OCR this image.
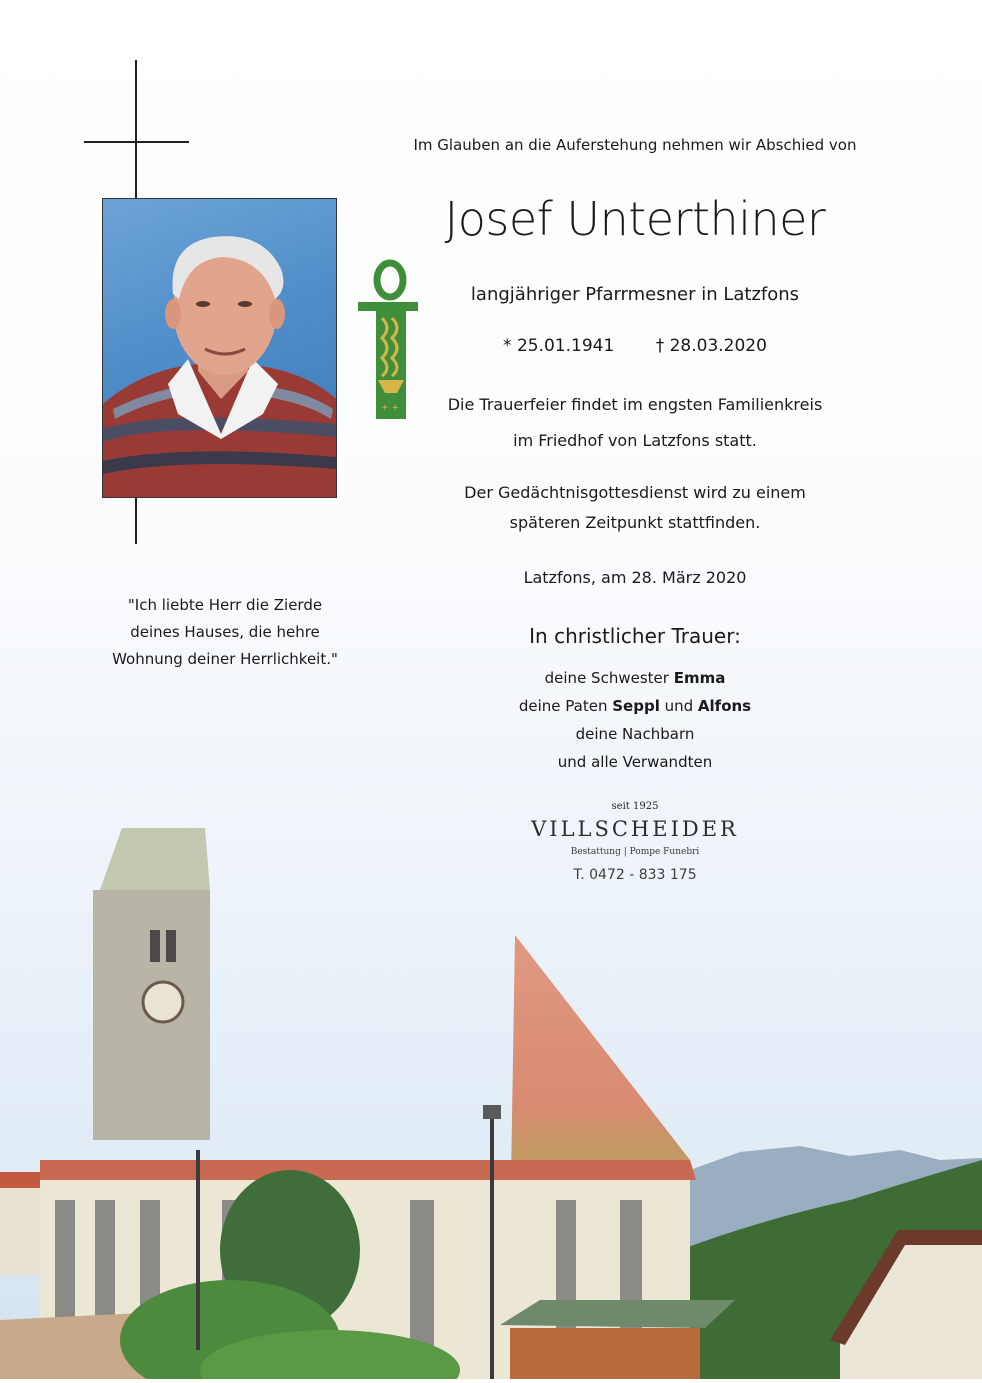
+ +
Im Glauben an die Auferstehung nehmen wir Abschied von
Josef Unterthiner
langjähriger Pfarrmesner in Latzfons
* 25.01.1941 † 28.03.2020
Die Trauerfeier findet im engsten Familienkreis
im Friedhof von Latzfons statt.
Der Gedächtnisgottesdienst wird zu einem
späteren Zeitpunkt stattfinden.
Latzfons, am 28. März 2020
"Ich liebte Herr die Zierde
deines Hauses, die hehre
Wohnung deiner Herrlichkeit."
In christlicher Trauer:
deine Schwester Emma
deine Paten Seppl und Alfons
deine Nachbarn
und alle Verwandten
